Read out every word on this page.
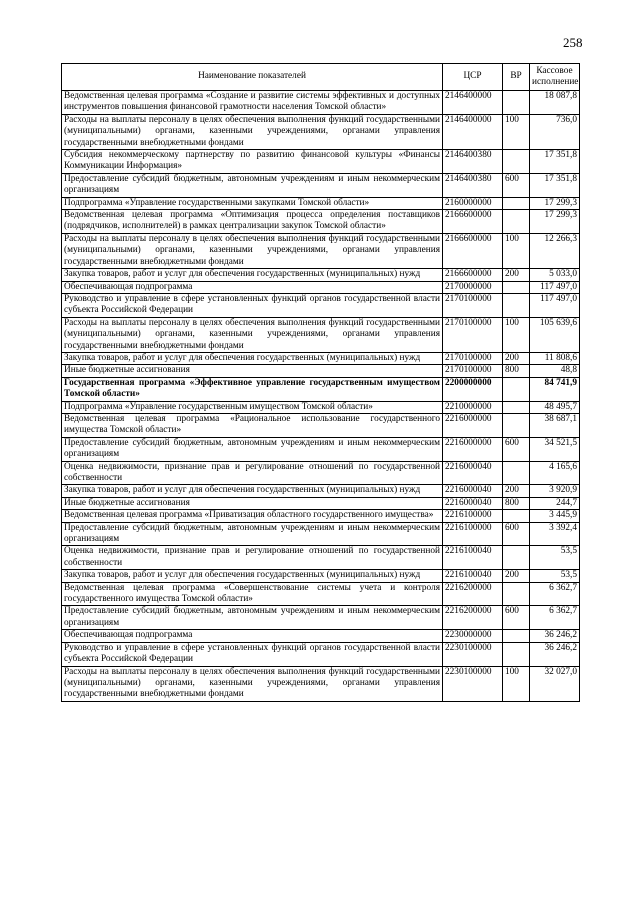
258
Наименование показателей	ЦСР	ВР	Кассовое исполнение
Ведомственная целевая программа «Создание и развитие системы эффективных и доступных инструментов повышения финансовой грамотности населения Томской области»	2146400000		18 087,8
Расходы на выплаты персоналу в целях обеспечения выполнения функций государственными (муниципальными) органами, казенными учреждениями, органами управления государственными внебюджетными фондами	2146400000	100	736,0
Субсидия некоммерческому партнерству по развитию финансовой культуры «Финансы Коммуникации Информация»	2146400380		17 351,8
Предоставление субсидий бюджетным, автономным учреждениям и иным некоммерческим организациям	2146400380	600	17 351,8
Подпрограмма «Управление государственными закупками Томской области»	2160000000		17 299,3
Ведомственная целевая программа «Оптимизация процесса определения поставщиков (подрядчиков, исполнителей) в рамках централизации закупок Томской области»	2166600000		17 299,3
Расходы на выплаты персоналу в целях обеспечения выполнения функций государственными (муниципальными) органами, казенными учреждениями, органами управления государственными внебюджетными фондами	2166600000	100	12 266,3
Закупка товаров, работ и услуг для обеспечения государственных (муниципальных) нужд	2166600000	200	5 033,0
Обеспечивающая подпрограмма	2170000000		117 497,0
Руководство и управление в сфере установленных функций органов государственной власти субъекта Российской Федерации	2170100000		117 497,0
Расходы на выплаты персоналу в целях обеспечения выполнения функций государственными (муниципальными) органами, казенными учреждениями, органами управления государственными внебюджетными фондами	2170100000	100	105 639,6
Закупка товаров, работ и услуг для обеспечения государственных (муниципальных) нужд	2170100000	200	11 808,6
Иные бюджетные ассигнования	2170100000	800	48,8
Государственная программа «Эффективное управление государственным имуществом Томской области»	2200000000		84 741,9
Подпрограмма «Управление государственным имуществом Томской области»	2210000000		48 495,7
Ведомственная целевая программа «Рациональное использование государственного имущества Томской области»	2216000000		38 687,1
Предоставление субсидий бюджетным, автономным учреждениям и иным некоммерческим организациям	2216000000	600	34 521,5
Оценка недвижимости, признание прав и регулирование отношений по государственной собственности	2216000040		4 165,6
Закупка товаров, работ и услуг для обеспечения государственных (муниципальных) нужд	2216000040	200	3 920,9
Иные бюджетные ассигнования	2216000040	800	244,7
Ведомственная целевая программа «Приватизация областного государственного имущества»	2216100000		3 445,9
Предоставление субсидий бюджетным, автономным учреждениям и иным некоммерческим организациям	2216100000	600	3 392,4
Оценка недвижимости, признание прав и регулирование отношений по государственной собственности	2216100040		53,5
Закупка товаров, работ и услуг для обеспечения государственных (муниципальных) нужд	2216100040	200	53,5
Ведомственная целевая программа «Совершенствование системы учета и контроля государственного имущества Томской области»	2216200000		6 362,7
Предоставление субсидий бюджетным, автономным учреждениям и иным некоммерческим организациям	2216200000	600	6 362,7
Обеспечивающая подпрограмма	2230000000		36 246,2
Руководство и управление в сфере установленных функций органов государственной власти субъекта Российской Федерации	2230100000		36 246,2
Расходы на выплаты персоналу в целях обеспечения выполнения функций государственными (муниципальными) органами, казенными учреждениями, органами управления государственными внебюджетными фондами	2230100000	100	32 027,0
